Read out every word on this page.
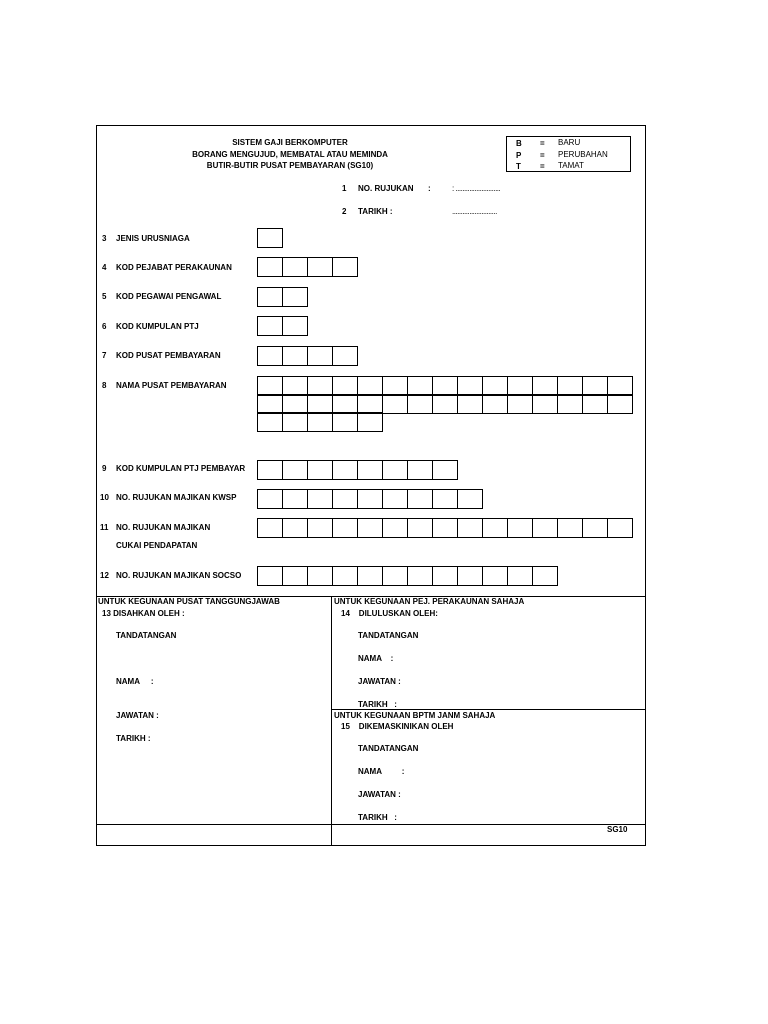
SISTEM GAJI BERKOMPUTER
BORANG MENGUJUD, MEMBATAL ATAU MEMINDA
BUTIR-BUTIR PUSAT PEMBAYARAN (SG10)
B = BARU
P = PERUBAHAN
T = TAMAT
1 NO. RUJUKAN :	: ..........................
2 TARIKH :	..........................
3 JENIS URUSNIAGA
4 KOD PEJABAT PERAKAUNAN
5 KOD PEGAWAI PENGAWAL
6 KOD KUMPULAN PTJ
7 KOD PUSAT PEMBAYARAN
8 NAMA PUSAT PEMBAYARAN
9 KOD KUMPULAN PTJ PEMBAYAR
10 NO. RUJUKAN MAJIKAN KWSP
11 NO. RUJUKAN MAJIKAN
CUKAI PENDAPATAN
12 NO. RUJUKAN MAJIKAN SOCSO
UNTUK KEGUNAAN PUSAT TANGGUNGJAWAB
13 DISAHKAN OLEH :
TANDATANGAN
NAMA     :
JAWATAN :
TARIKH :
UNTUK KEGUNAAN PEJ. PERAKAUNAN SAHAJA
14    DILULUSKAN OLEH:
TANDATANGAN
NAMA    :
JAWATAN :
TARIKH   :
UNTUK KEGUNAAN BPTM JANM SAHAJA
15    DIKEMASKINIKAN OLEH
TANDATANGAN
NAMA         :
JAWATAN :
TARIKH   :
SG10
